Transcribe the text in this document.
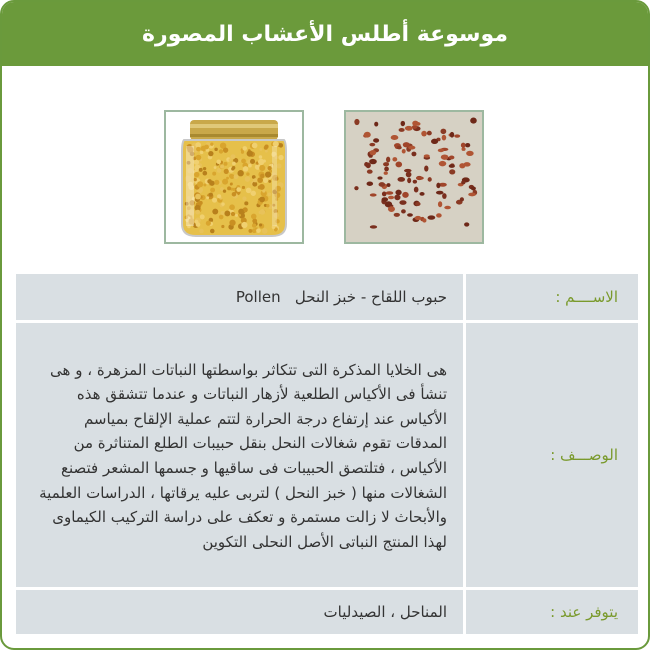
موسوعة أطلس الأعشاب المصورة
الاســــم :
حبوب اللقاح - خبز النحل   Pollen
الوصـــف :
هى الخلايا المذكرة التى تتكاثر بواسطتها النباتات المزهرة ، و هى تنشأ فى الأكياس الطلعية لأزهار النباتات و عندما تتشقق هذه الأكياس عند إرتفاع درجة الحرارة لتتم عملية الإلقاح بمياسم المدقات تقوم شغالات النحل بنقل حبيبات الطلع المتناثرة من الأكياس ، فتلتصق الحبيبات فى ساقيها و جسمها المشعر فتصنع الشغالات منها ( خبز النحل ) لتربى عليه يرقاتها ، الدراسات العلمية والأبحاث لا زالت مستمرة و تعكف على دراسة التركيب الكيماوى لهذا المنتج النباتى الأصل النحلى التكوين
يتوفر عند :
المناحل ، الصيدليات
